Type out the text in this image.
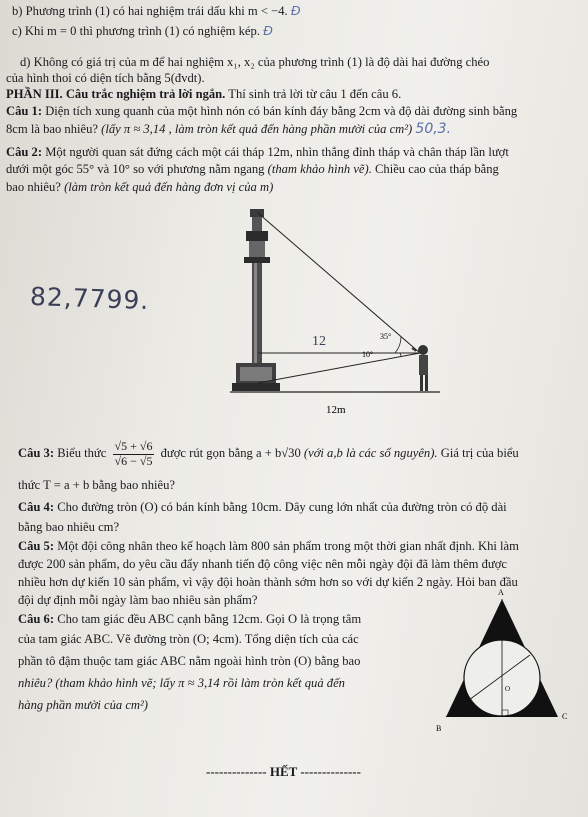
b) Phương trình (1) có hai nghiệm trái dấu khi m < −4. Đ
c) Khi m = 0 thì phương trình (1) có nghiệm kép. Đ
d) Không có giá trị của m để hai nghiệm x₁, x₂ của phương trình (1) là độ dài hai đường chéo
của hình thoi có diện tích bằng 5(đvdt).
PHẦN III. Câu trắc nghiệm trả lời ngắn. Thí sinh trả lời từ câu 1 đến câu 6.
Câu 1: Diện tích xung quanh của một hình nón có bán kính đáy bằng 2cm và độ dài đường sinh bằng
8cm là bao nhiêu? (lấy π ≈ 3,14 , làm tròn kết quả đến hàng phần mười của cm²) 50,3.
Câu 2: Một người quan sát đứng cách một cái tháp 12m, nhìn thẳng đỉnh tháp và chân tháp lần lượt
dưới một góc 55° và 10° so với phương nằm ngang (tham khảo hình vẽ). Chiều cao của tháp bằng
bao nhiêu? (làm tròn kết quả đến hàng đơn vị của m)
82,7799.
35°
10°
12
12m
Câu 3: Biểu thức $\frac{√5 + √6}{√6 - √5}$ được rút gọn bằng a + b√30 (với a,b là các số nguyên). Giá trị của biểu
thức T = a + b bằng bao nhiêu?
Câu 4: Cho đường tròn (O) có bán kính bằng 10cm. Dây cung lớn nhất của đường tròn có độ dài
bằng bao nhiêu cm?
Câu 5: Một đội công nhân theo kế hoạch làm 800 sản phẩm trong một thời gian nhất định. Khi làm
được 200 sản phẩm, do yêu cầu đẩy nhanh tiến độ công việc nên mỗi ngày đội đã làm thêm được
nhiều hơn dự kiến 10 sản phẩm, vì vậy đội hoàn thành sớm hơn so với dự kiến 2 ngày. Hỏi ban đầu
đội dự định mỗi ngày làm bao nhiêu sản phẩm?
Câu 6: Cho tam giác đều ABC cạnh bằng 12cm. Gọi O là trọng tâm
của tam giác ABC. Vẽ đường tròn (O; 4cm). Tổng diện tích của các
phần tô đậm thuộc tam giác ABC nằm ngoài hình tròn (O) bằng bao
nhiêu? (tham khảo hình vẽ; lấy π ≈ 3,14 rồi làm tròn kết quả đến
hàng phần mười của cm²)
A
B
C
O
-------------- HẾT --------------
